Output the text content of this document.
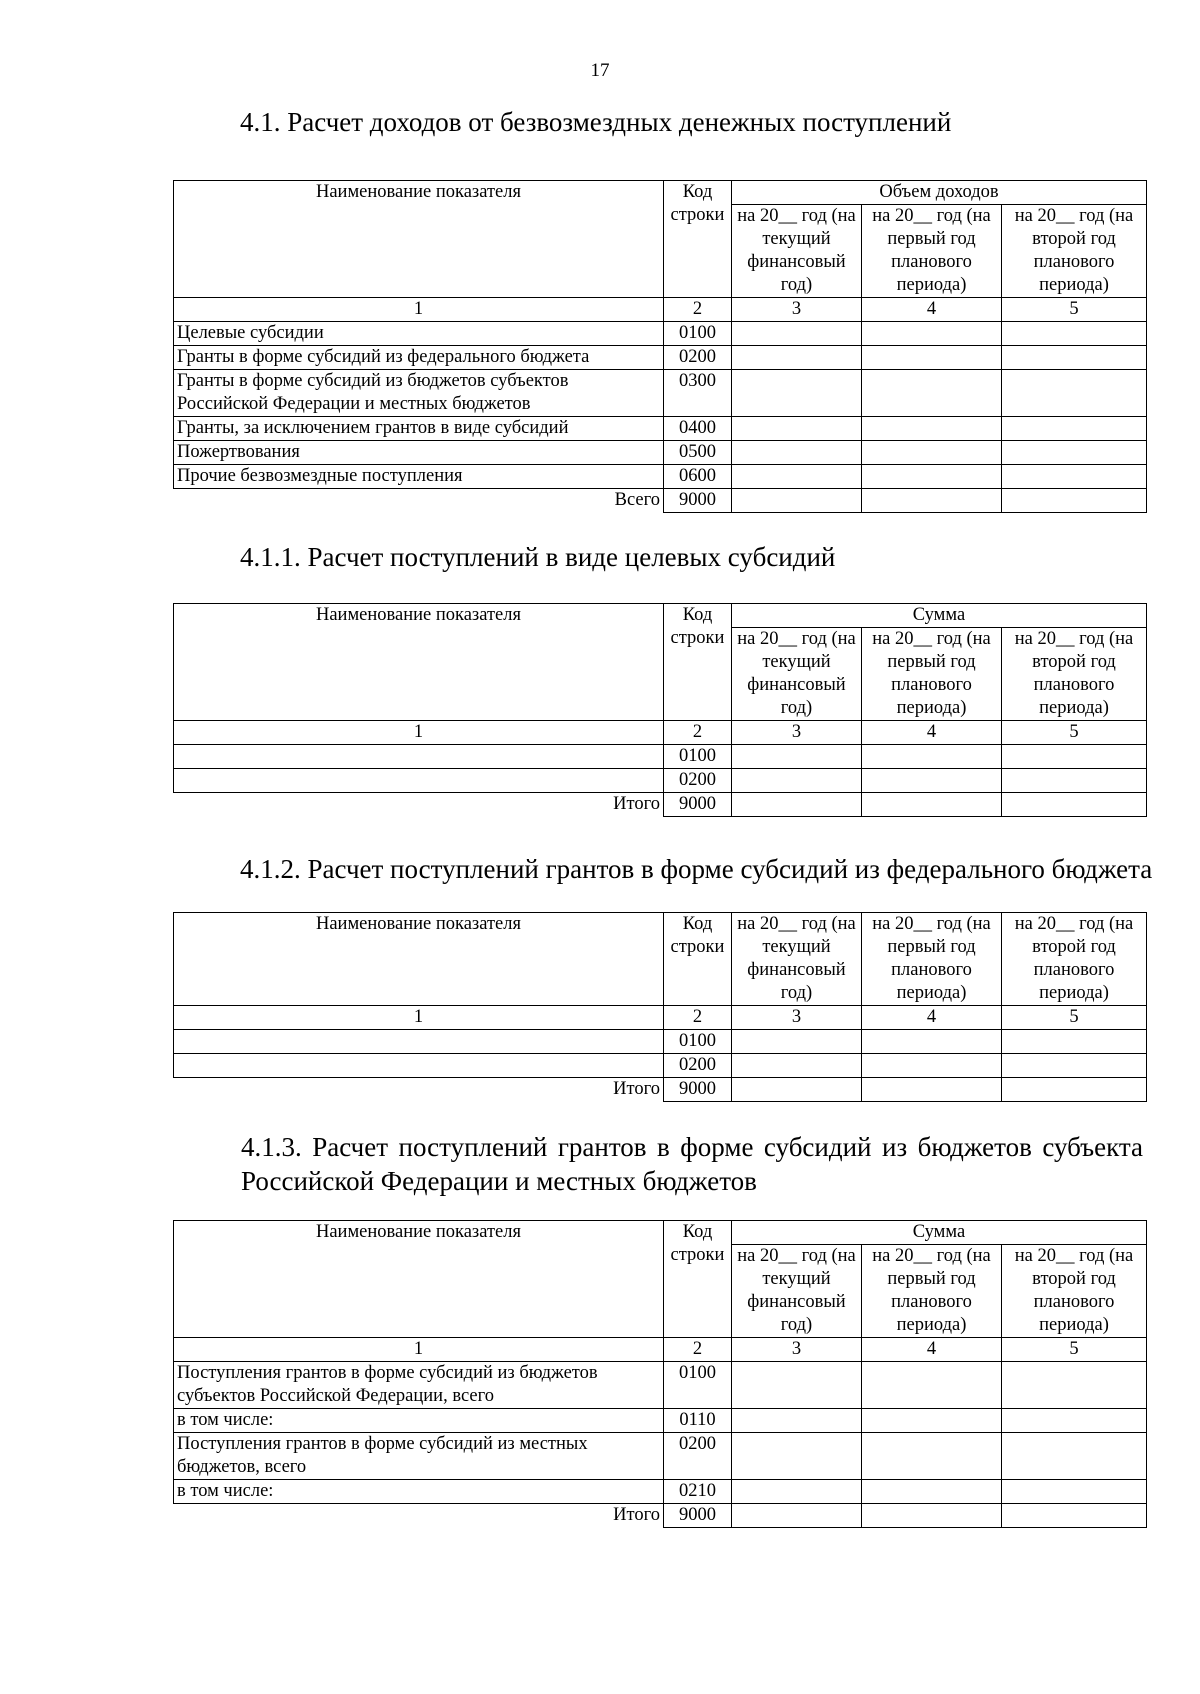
17
4.1. Расчет доходов от безвозмездных денежных поступлений
Наименование показателя	Код строки	Объем доходов		
		на 20__ год (на текущий финансовый год)	на 20__ год (на первый год планового периода)	на 20__ год (на второй год планового периода)
1	2	3	4	5
Целевые субсидии	0100			
Гранты в форме субсидий из федерального бюджета	0200			
Гранты в форме субсидий из бюджетов субъектов Российской Федерации и местных бюджетов	0300			
Гранты, за исключением грантов в виде субсидий	0400			
Пожертвования	0500			
Прочие безвозмездные поступления	0600			
Всего	9000			
4.1.1. Расчет поступлений в виде целевых субсидий
Наименование показателя	Код строки	Сумма		
		на 20__ год (на текущий финансовый год)	на 20__ год (на первый год планового периода)	на 20__ год (на второй год планового периода)
1	2	3	4	5
	0100			
	0200			
Итого	9000			
4.1.2. Расчет поступлений грантов в форме субсидий из федерального бюджета
Наименование показателя	Код строки	на 20__ год (на текущий финансовый год)	на 20__ год (на первый год планового периода)	на 20__ год (на второй год планового периода)
1	2	3	4	5
	0100			
	0200			
Итого	9000			
4.1.3. Расчет поступлений грантов в форме субсидий из бюджетов субъекта Российской Федерации и местных бюджетов
Наименование показателя	Код строки	Сумма		
		на 20__ год (на текущий финансовый год)	на 20__ год (на первый год планового периода)	на 20__ год (на второй год планового периода)
1	2	3	4	5
Поступления грантов в форме субсидий из бюджетов субъектов Российской Федерации, всего	0100			
в том числе:	0110			
Поступления грантов в форме субсидий из местных бюджетов, всего	0200			
в том числе:	0210			
Итого	9000			
